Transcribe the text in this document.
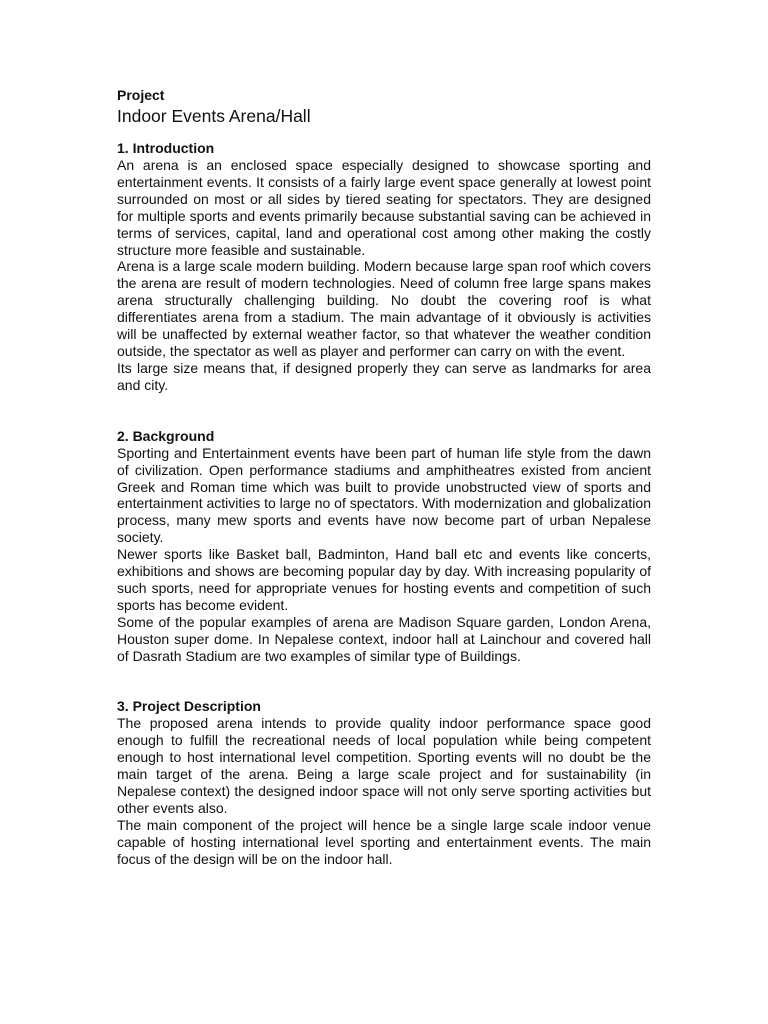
Project
Indoor Events Arena/Hall
1. Introduction
An arena is an enclosed space especially designed to showcase sporting and entertainment events. It consists of a fairly large event space generally at lowest point surrounded on most or all sides by tiered seating for spectators. They are designed for multiple sports and events primarily because substantial saving can be achieved in terms of services, capital, land and operational cost among other making the costly structure more feasible and sustainable.
Arena is a large scale modern building. Modern because large span roof which covers the arena are result of modern technologies. Need of column free large spans makes arena structurally challenging building. No doubt the covering roof is what differentiates arena from a stadium. The main advantage of it obviously is activities will be unaffected by external weather factor, so that whatever the weather condition outside, the spectator as well as player and performer can carry on with the event.
Its large size means that, if designed properly they can serve as landmarks for area and city.
2. Background
Sporting and Entertainment events have been part of human life style from the dawn of civilization. Open performance stadiums and amphitheatres existed from ancient Greek and Roman time which was built to provide unobstructed view of sports and entertainment activities to large no of spectators. With modernization and globalization process, many mew sports and events have now become part of urban Nepalese society.
Newer sports like Basket ball, Badminton, Hand ball etc and events like concerts, exhibitions and shows are becoming popular day by day. With increasing popularity of such sports, need for appropriate venues for hosting events and competition of such sports has become evident.
Some of the popular examples of arena are Madison Square garden, London Arena, Houston super dome. In Nepalese context, indoor hall at Lainchour and covered hall of Dasrath Stadium are two examples of similar type of Buildings.
3. Project Description
The proposed arena intends to provide quality indoor performance space good enough to fulfill the recreational needs of local population while being competent enough to host international level competition. Sporting events will no doubt be the main target of the arena. Being a large scale project and for sustainability (in Nepalese context) the designed indoor space will not only serve sporting activities but other events also.
The main component of the project will hence be a single large scale indoor venue capable of hosting international level sporting and entertainment events. The main focus of the design will be on the indoor hall.
